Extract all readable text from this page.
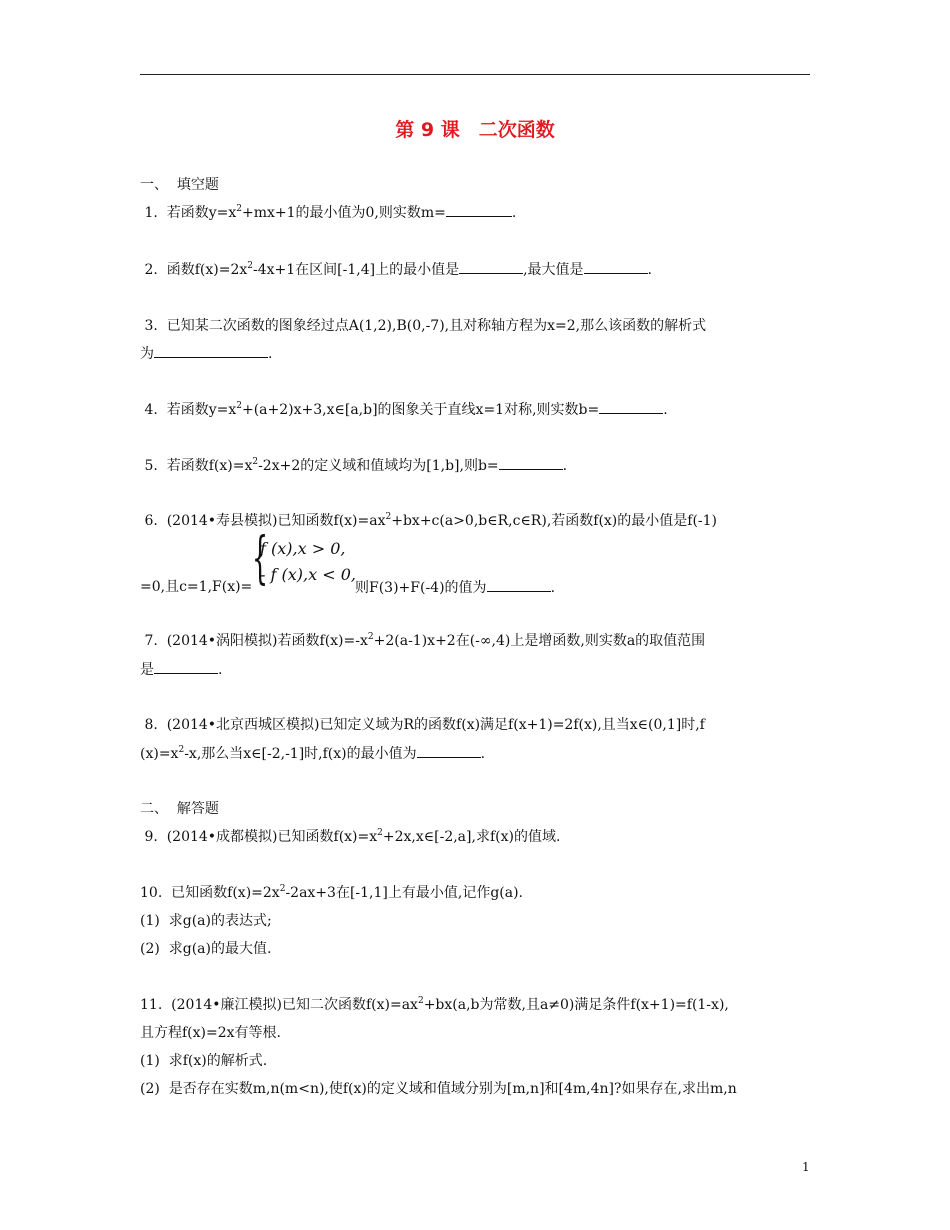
第 9 课　二次函数
一、  填空题
1.  若函数$y=x^2+mx+1$的最小值为0,则实数m=	.
2.  函数$f(x)=2x^2-4x+1$在区间[-1,4]上的最小值是	,最大值是	.
3.  已知某二次函数的图象经过点A(1,2),B(0,-7),且对称轴方程为x=2,那么该函数的解析式
为	.
4.  若函数$y=x^2+(a+2)x+3,x\in[a,b]$的图象关于直线x=1对称,则实数b=	.
5.  若函数$f(x)=x^2-2x+2$的定义域和值域均为[1,b],则b=	.
6.  (2014•寿县模拟)已知函数$f(x)=ax^2+bx+c(a>0,b\in R,c\in R)$,若函数f(x)的最小值是f(-1)
{
f (x),x > 0,
- f (x),x < 0,
=0,且c=1,F(x)=	则F(3)+F(-4)的值为	.
7.  (2014•涡阳模拟)若函数$f(x)=-x^2+2(a-1)x+2$在(-∞,4)上是增函数,则实数a的取值范围
是	.
8.  (2014•北京西城区模拟)已知定义域为R的函数f(x)满足f(x+1)=2f(x),且当x∈(0,1]时,f
$(x)=x^2-x$,那么当x∈[-2,-1]时,f(x)的最小值为	.
二、  解答题
9.  (2014•成都模拟)已知函数$f(x)=x^2+2x,x\in[-2,a]$,求f(x)的值域.
10.  已知函数$f(x)=2x^2-2ax+3$在[-1,1]上有最小值,记作g(a).
(1)  求g(a)的表达式;
(2)  求g(a)的最大值.
11.  (2014•廉江模拟)已知二次函数$f(x)=ax^2+bx(a,b$为常数,且a≠0)满足条件f(x+1)=f(1-x),
且方程f(x)=2x有等根.
(1)  求f(x)的解析式.
(2)  是否存在实数m,n(m<n),使f(x)的定义域和值域分别为[m,n]和[4m,4n]?如果存在,求出m,n
1
